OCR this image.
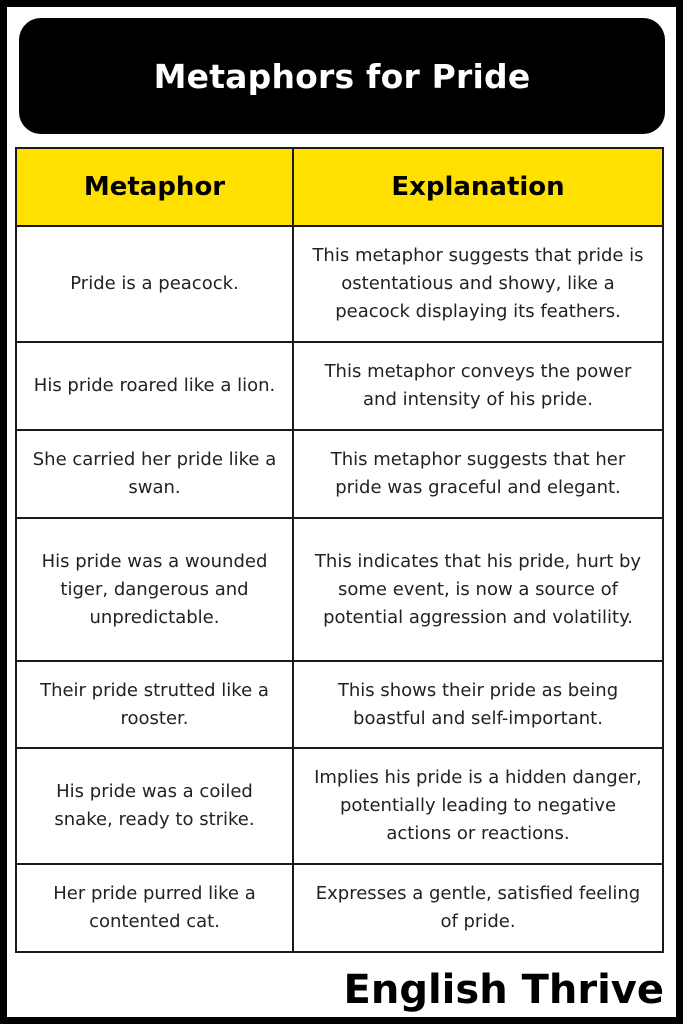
Metaphors for Pride
Metaphor	Explanation
Pride is a peacock.	This metaphor suggests that pride is ostentatious and showy, like a peacock displaying its feathers.
His pride roared like a lion.	This metaphor conveys the power and intensity of his pride.
She carried her pride like a swan.	This metaphor suggests that her pride was graceful and elegant.
His pride was a wounded tiger, dangerous and unpredictable.	This indicates that his pride, hurt by some event, is now a source of potential aggression and volatility.
Their pride strutted like a rooster.	This shows their pride as being boastful and self-important.
His pride was a coiled snake, ready to strike.	Implies his pride is a hidden danger, potentially leading to negative actions or reactions.
Her pride purred like a contented cat.	Expresses a gentle, satisfied feeling of pride.
English Thrive
